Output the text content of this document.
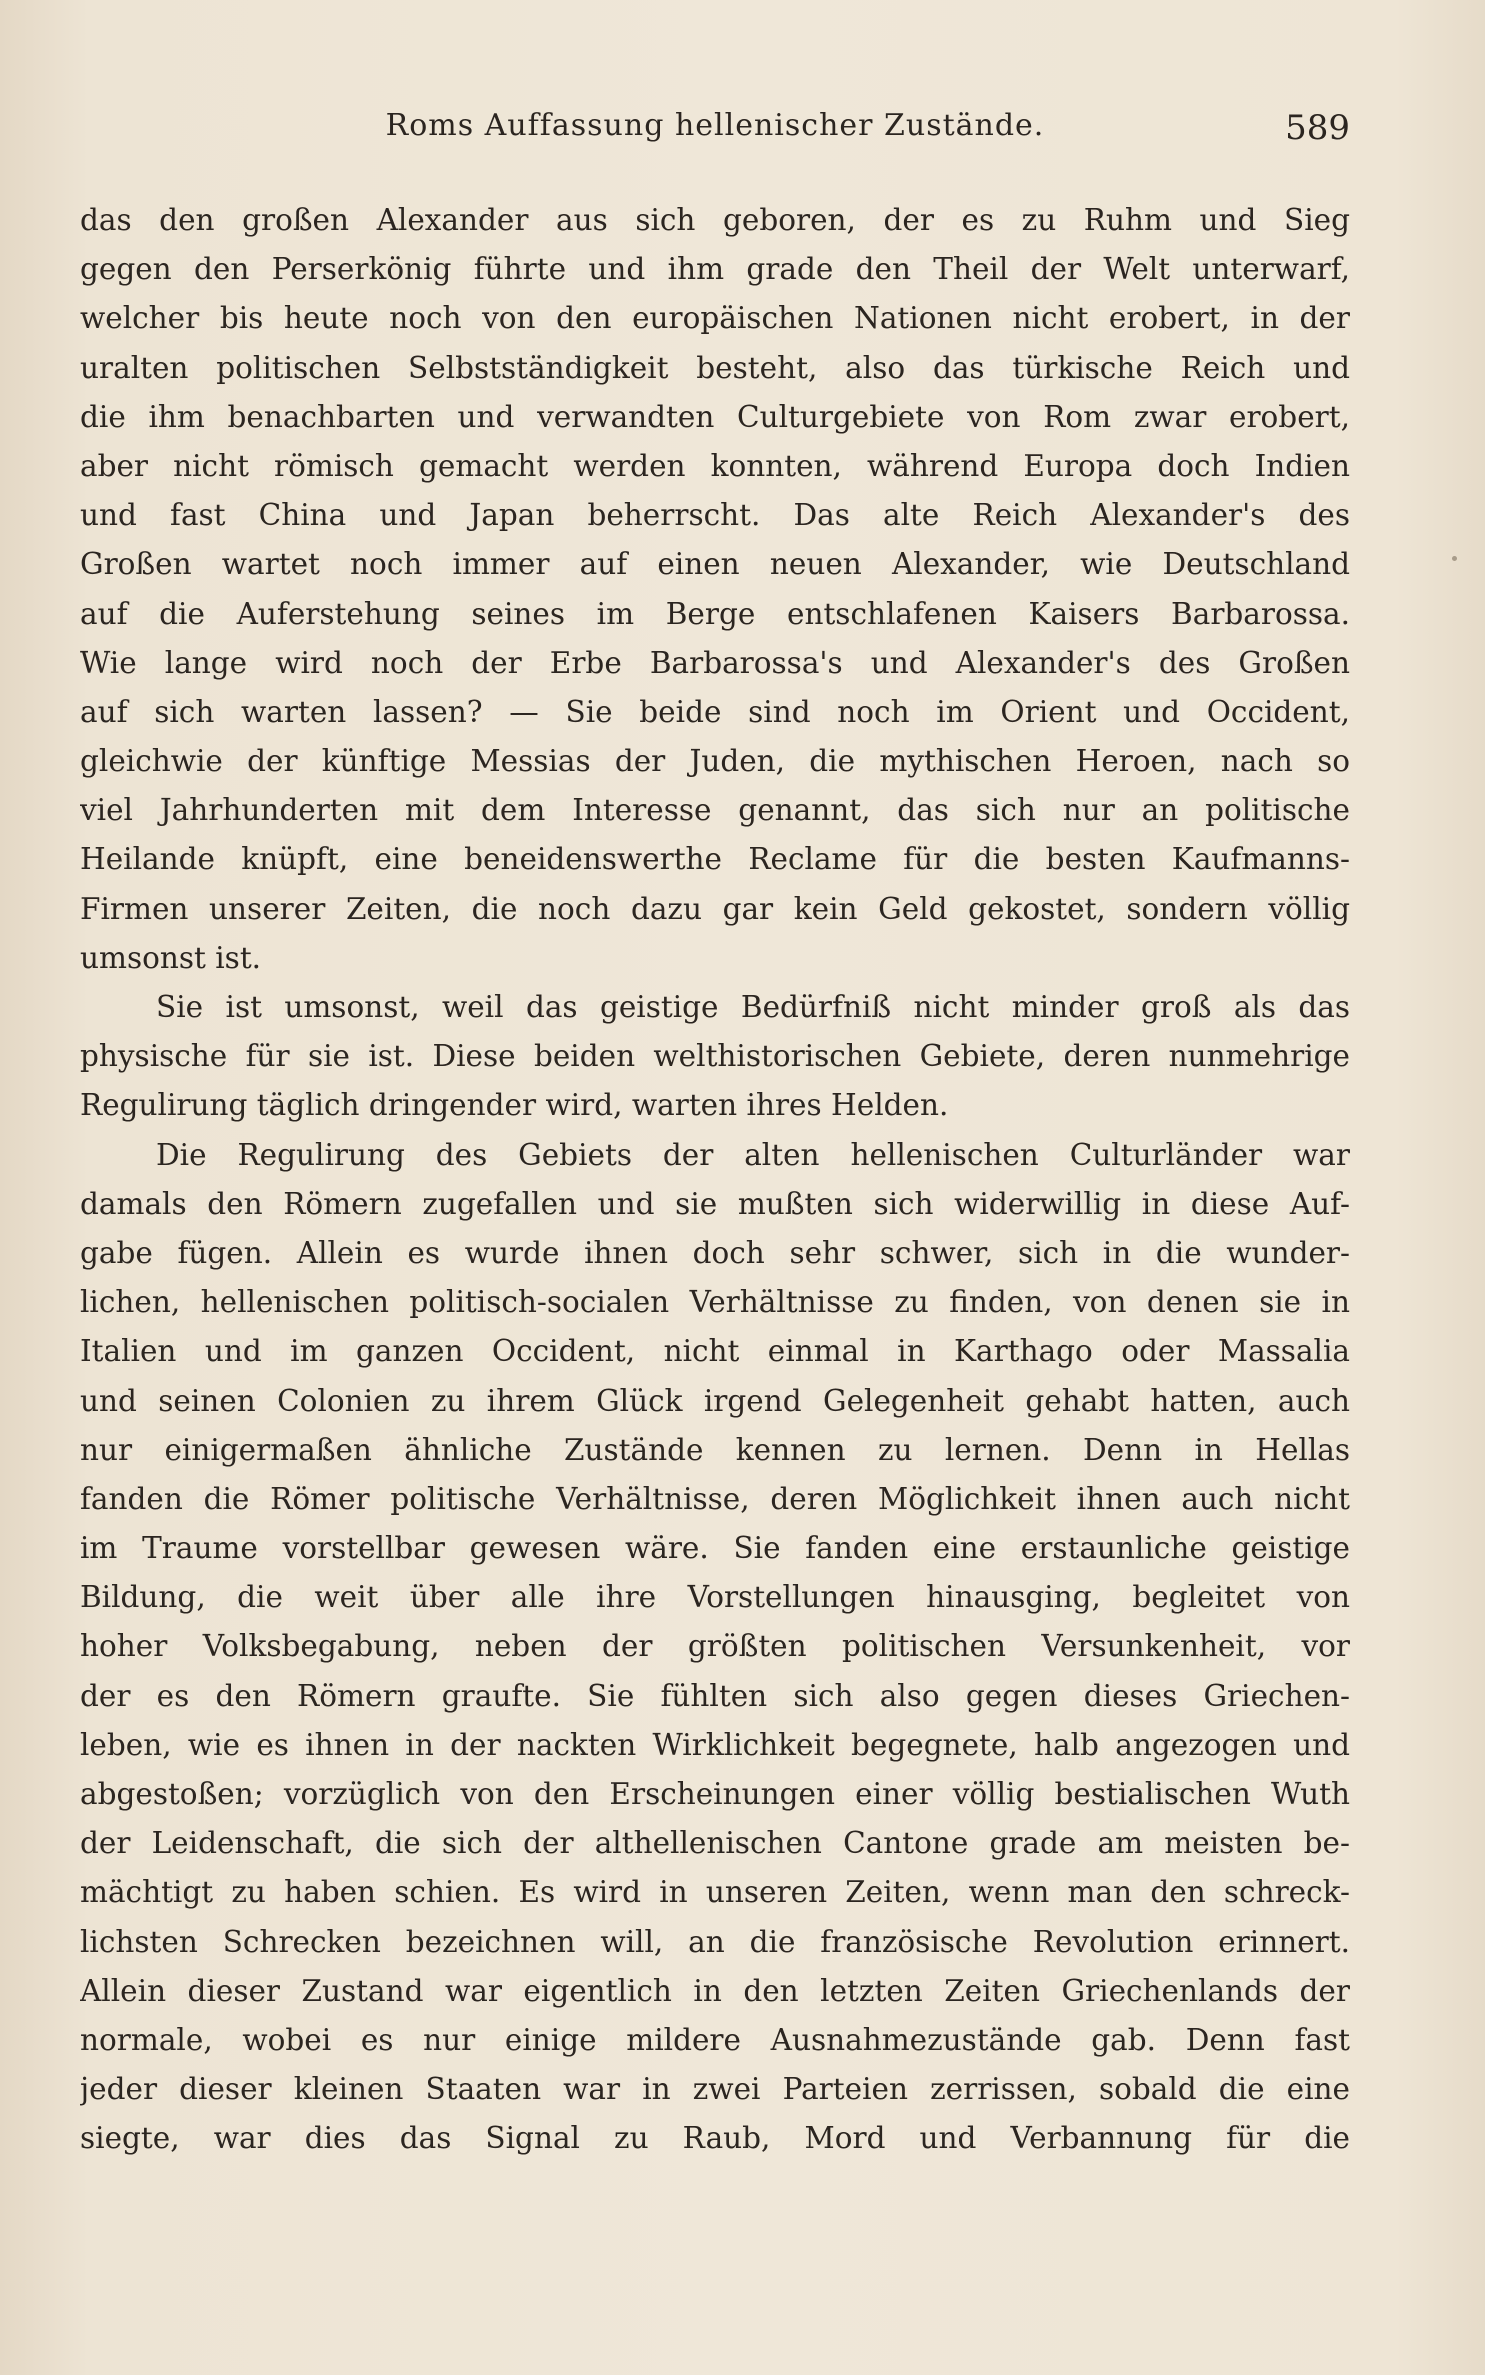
Roms Auffassung hellenischer Zustände.	589
das den großen Alexander aus sich geboren, der es zu Ruhm und Sieg
gegen den Perserkönig führte und ihm grade den Theil der Welt unterwarf,
welcher bis heute noch von den europäischen Nationen nicht erobert, in der
uralten politischen Selbstständigkeit besteht, also das türkische Reich und
die ihm benachbarten und verwandten Culturgebiete von Rom zwar erobert,
aber nicht römisch gemacht werden konnten, während Europa doch Indien
und fast China und Japan beherrscht. Das alte Reich Alexander's des
Großen wartet noch immer auf einen neuen Alexander, wie Deutschland
auf die Auferstehung seines im Berge entschlafenen Kaisers Barbarossa.
Wie lange wird noch der Erbe Barbarossa's und Alexander's des Großen
auf sich warten lassen? — Sie beide sind noch im Orient und Occident,
gleichwie der künftige Messias der Juden, die mythischen Heroen, nach so
viel Jahrhunderten mit dem Interesse genannt, das sich nur an politische
Heilande knüpft, eine beneidenswerthe Reclame für die besten Kaufmanns-
Firmen unserer Zeiten, die noch dazu gar kein Geld gekostet, sondern völlig
umsonst ist.
Sie ist umsonst, weil das geistige Bedürfniß nicht minder groß als das
physische für sie ist. Diese beiden welthistorischen Gebiete, deren nunmehrige
Regulirung täglich dringender wird, warten ihres Helden.
Die Regulirung des Gebiets der alten hellenischen Culturländer war
damals den Römern zugefallen und sie mußten sich widerwillig in diese Auf-
gabe fügen. Allein es wurde ihnen doch sehr schwer, sich in die wunder-
lichen, hellenischen politisch-socialen Verhältnisse zu finden, von denen sie in
Italien und im ganzen Occident, nicht einmal in Karthago oder Massalia
und seinen Colonien zu ihrem Glück irgend Gelegenheit gehabt hatten, auch
nur einigermaßen ähnliche Zustände kennen zu lernen. Denn in Hellas
fanden die Römer politische Verhältnisse, deren Möglichkeit ihnen auch nicht
im Traume vorstellbar gewesen wäre. Sie fanden eine erstaunliche geistige
Bildung, die weit über alle ihre Vorstellungen hinausging, begleitet von
hoher Volksbegabung, neben der größten politischen Versunkenheit, vor
der es den Römern graufte. Sie fühlten sich also gegen dieses Griechen-
leben, wie es ihnen in der nackten Wirklichkeit begegnete, halb angezogen und
abgestoßen; vorzüglich von den Erscheinungen einer völlig bestialischen Wuth
der Leidenschaft, die sich der althellenischen Cantone grade am meisten be-
mächtigt zu haben schien. Es wird in unseren Zeiten, wenn man den schreck-
lichsten Schrecken bezeichnen will, an die französische Revolution erinnert.
Allein dieser Zustand war eigentlich in den letzten Zeiten Griechenlands der
normale, wobei es nur einige mildere Ausnahmezustände gab. Denn fast
jeder dieser kleinen Staaten war in zwei Parteien zerrissen, sobald die eine
siegte, war dies das Signal zu Raub, Mord und Verbannung für die
